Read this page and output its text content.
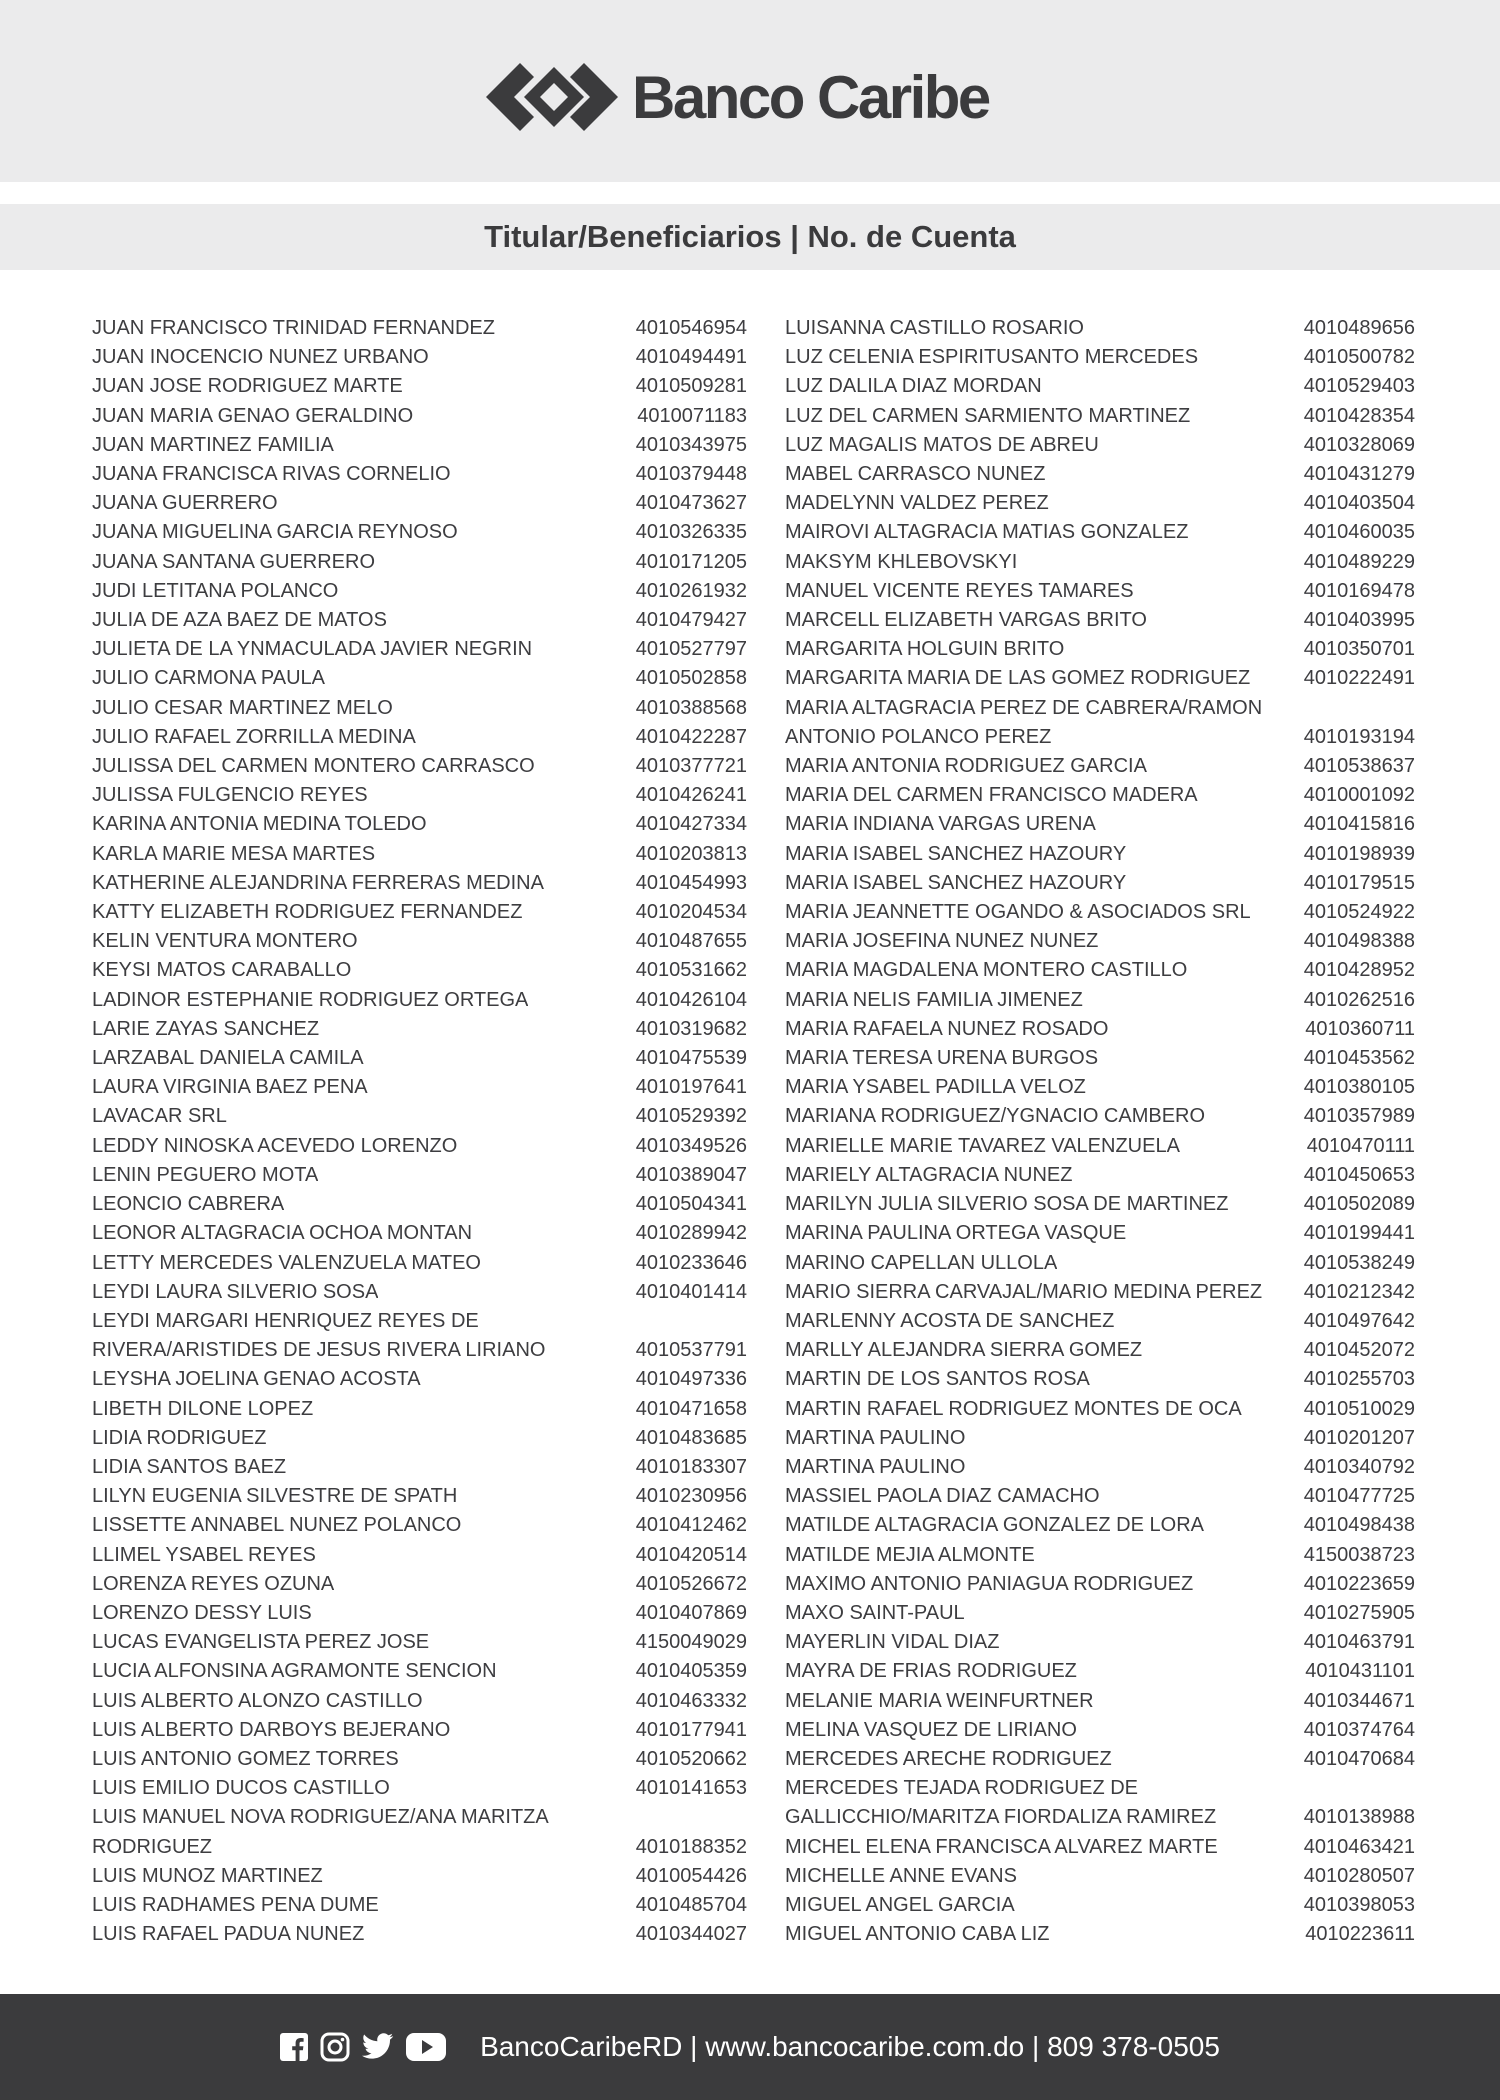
Banco Caribe
Titular/Beneficiarios | No. de Cuenta
JUAN FRANCISCO TRINIDAD FERNANDEZ	4010546954
JUAN INOCENCIO NUNEZ URBANO	4010494491
JUAN JOSE RODRIGUEZ MARTE	4010509281
JUAN MARIA GENAO GERALDINO	4010071183
JUAN MARTINEZ FAMILIA	4010343975
JUANA FRANCISCA RIVAS CORNELIO	4010379448
JUANA GUERRERO	4010473627
JUANA MIGUELINA GARCIA REYNOSO	4010326335
JUANA SANTANA GUERRERO	4010171205
JUDI LETITANA POLANCO	4010261932
JULIA DE AZA BAEZ DE MATOS	4010479427
JULIETA DE LA YNMACULADA JAVIER NEGRIN	4010527797
JULIO CARMONA PAULA	4010502858
JULIO CESAR MARTINEZ MELO	4010388568
JULIO RAFAEL ZORRILLA MEDINA	4010422287
JULISSA DEL CARMEN MONTERO CARRASCO	4010377721
JULISSA FULGENCIO REYES	4010426241
KARINA ANTONIA MEDINA TOLEDO	4010427334
KARLA MARIE MESA MARTES	4010203813
KATHERINE ALEJANDRINA FERRERAS MEDINA	4010454993
KATTY ELIZABETH RODRIGUEZ FERNANDEZ	4010204534
KELIN VENTURA MONTERO	4010487655
KEYSI MATOS CARABALLO	4010531662
LADINOR ESTEPHANIE RODRIGUEZ ORTEGA	4010426104
LARIE ZAYAS SANCHEZ	4010319682
LARZABAL DANIELA CAMILA	4010475539
LAURA VIRGINIA BAEZ PENA	4010197641
LAVACAR SRL	4010529392
LEDDY NINOSKA ACEVEDO LORENZO	4010349526
LENIN PEGUERO MOTA	4010389047
LEONCIO CABRERA	4010504341
LEONOR ALTAGRACIA OCHOA MONTAN	4010289942
LETTY MERCEDES VALENZUELA MATEO	4010233646
LEYDI LAURA SILVERIO SOSA	4010401414
LEYDI MARGARI HENRIQUEZ REYES DE
RIVERA/ARISTIDES DE JESUS RIVERA LIRIANO	4010537791
LEYSHA JOELINA GENAO ACOSTA	4010497336
LIBETH DILONE LOPEZ	4010471658
LIDIA RODRIGUEZ	4010483685
LIDIA SANTOS BAEZ	4010183307
LILYN EUGENIA SILVESTRE DE SPATH	4010230956
LISSETTE ANNABEL NUNEZ POLANCO	4010412462
LLIMEL YSABEL REYES	4010420514
LORENZA REYES OZUNA	4010526672
LORENZO DESSY LUIS	4010407869
LUCAS EVANGELISTA PEREZ JOSE	4150049029
LUCIA ALFONSINA AGRAMONTE SENCION	4010405359
LUIS ALBERTO ALONZO CASTILLO	4010463332
LUIS ALBERTO DARBOYS BEJERANO	4010177941
LUIS ANTONIO GOMEZ TORRES	4010520662
LUIS EMILIO DUCOS CASTILLO	4010141653
LUIS MANUEL NOVA RODRIGUEZ/ANA MARITZA
RODRIGUEZ	4010188352
LUIS MUNOZ MARTINEZ	4010054426
LUIS RADHAMES PENA DUME	4010485704
LUIS RAFAEL PADUA NUNEZ	4010344027
LUISANNA CASTILLO ROSARIO	4010489656
LUZ CELENIA ESPIRITUSANTO MERCEDES	4010500782
LUZ DALILA DIAZ MORDAN	4010529403
LUZ DEL CARMEN SARMIENTO MARTINEZ	4010428354
LUZ MAGALIS MATOS DE ABREU	4010328069
MABEL CARRASCO NUNEZ	4010431279
MADELYNN VALDEZ PEREZ	4010403504
MAIROVI ALTAGRACIA MATIAS GONZALEZ	4010460035
MAKSYM KHLEBOVSKYI	4010489229
MANUEL VICENTE REYES TAMARES	4010169478
MARCELL ELIZABETH VARGAS BRITO	4010403995
MARGARITA HOLGUIN BRITO	4010350701
MARGARITA MARIA DE LAS GOMEZ RODRIGUEZ	4010222491
MARIA ALTAGRACIA PEREZ DE CABRERA/RAMON
ANTONIO POLANCO PEREZ	4010193194
MARIA ANTONIA RODRIGUEZ GARCIA	4010538637
MARIA DEL CARMEN FRANCISCO MADERA	4010001092
MARIA INDIANA VARGAS URENA	4010415816
MARIA ISABEL SANCHEZ HAZOURY	4010198939
MARIA ISABEL SANCHEZ HAZOURY	4010179515
MARIA JEANNETTE OGANDO & ASOCIADOS SRL	4010524922
MARIA JOSEFINA NUNEZ NUNEZ	4010498388
MARIA MAGDALENA MONTERO CASTILLO	4010428952
MARIA NELIS FAMILIA JIMENEZ	4010262516
MARIA RAFAELA NUNEZ ROSADO	4010360711
MARIA TERESA URENA BURGOS	4010453562
MARIA YSABEL PADILLA VELOZ	4010380105
MARIANA RODRIGUEZ/YGNACIO CAMBERO	4010357989
MARIELLE MARIE TAVAREZ VALENZUELA	4010470111
MARIELY ALTAGRACIA NUNEZ	4010450653
MARILYN JULIA SILVERIO SOSA DE MARTINEZ	4010502089
MARINA PAULINA ORTEGA VASQUE	4010199441
MARINO CAPELLAN ULLOLA	4010538249
MARIO SIERRA CARVAJAL/MARIO MEDINA PEREZ	4010212342
MARLENNY ACOSTA DE SANCHEZ	4010497642
MARLLY ALEJANDRA SIERRA GOMEZ	4010452072
MARTIN DE LOS SANTOS ROSA	4010255703
MARTIN RAFAEL RODRIGUEZ MONTES DE OCA	4010510029
MARTINA PAULINO	4010201207
MARTINA PAULINO	4010340792
MASSIEL PAOLA DIAZ CAMACHO	4010477725
MATILDE ALTAGRACIA GONZALEZ DE LORA	4010498438
MATILDE MEJIA ALMONTE	4150038723
MAXIMO ANTONIO PANIAGUA RODRIGUEZ	4010223659
MAXO SAINT-PAUL	4010275905
MAYERLIN VIDAL DIAZ	4010463791
MAYRA DE FRIAS RODRIGUEZ	4010431101
MELANIE MARIA WEINFURTNER	4010344671
MELINA VASQUEZ DE LIRIANO	4010374764
MERCEDES ARECHE RODRIGUEZ	4010470684
MERCEDES TEJADA RODRIGUEZ DE
GALLICCHIO/MARITZA FIORDALIZA RAMIREZ	4010138988
MICHEL ELENA FRANCISCA ALVAREZ MARTE	4010463421
MICHELLE ANNE EVANS	4010280507
MIGUEL ANGEL GARCIA	4010398053
MIGUEL ANTONIO CABA LIZ	4010223611
BancoCaribeRD | www.bancocaribe.com.do | 809 378-0505
